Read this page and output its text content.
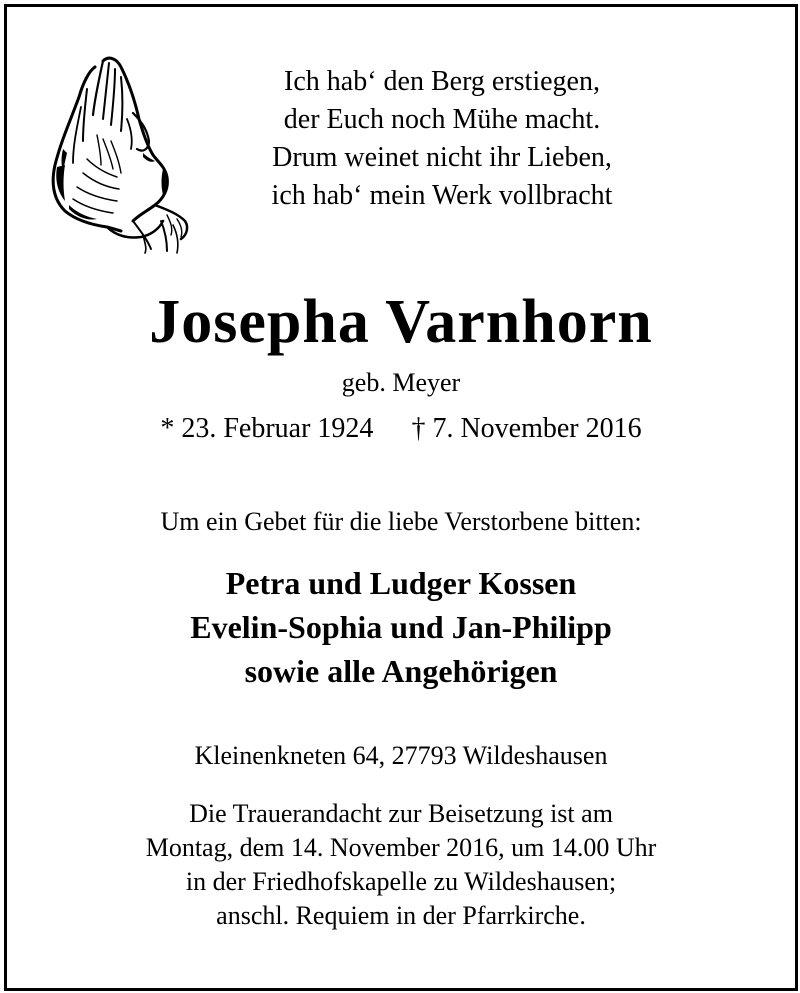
Ich hab‘ den Berg erstiegen,
der Euch noch Mühe macht.
Drum weinet nicht ihr Lieben,
ich hab‘ mein Werk vollbracht
Josepha Varnhorn
geb. Meyer
* 23. Februar 1924 † 7. November 2016
Um ein Gebet für die liebe Verstorbene bitten:
Petra und Ludger Kossen
Evelin-Sophia und Jan-Philipp
sowie alle Angehörigen
Kleinenkneten 64, 27793 Wildeshausen
Die Trauerandacht zur Beisetzung ist am
Montag, dem 14. November 2016, um 14.00 Uhr
in der Friedhofskapelle zu Wildeshausen;
anschl. Requiem in der Pfarrkirche.
